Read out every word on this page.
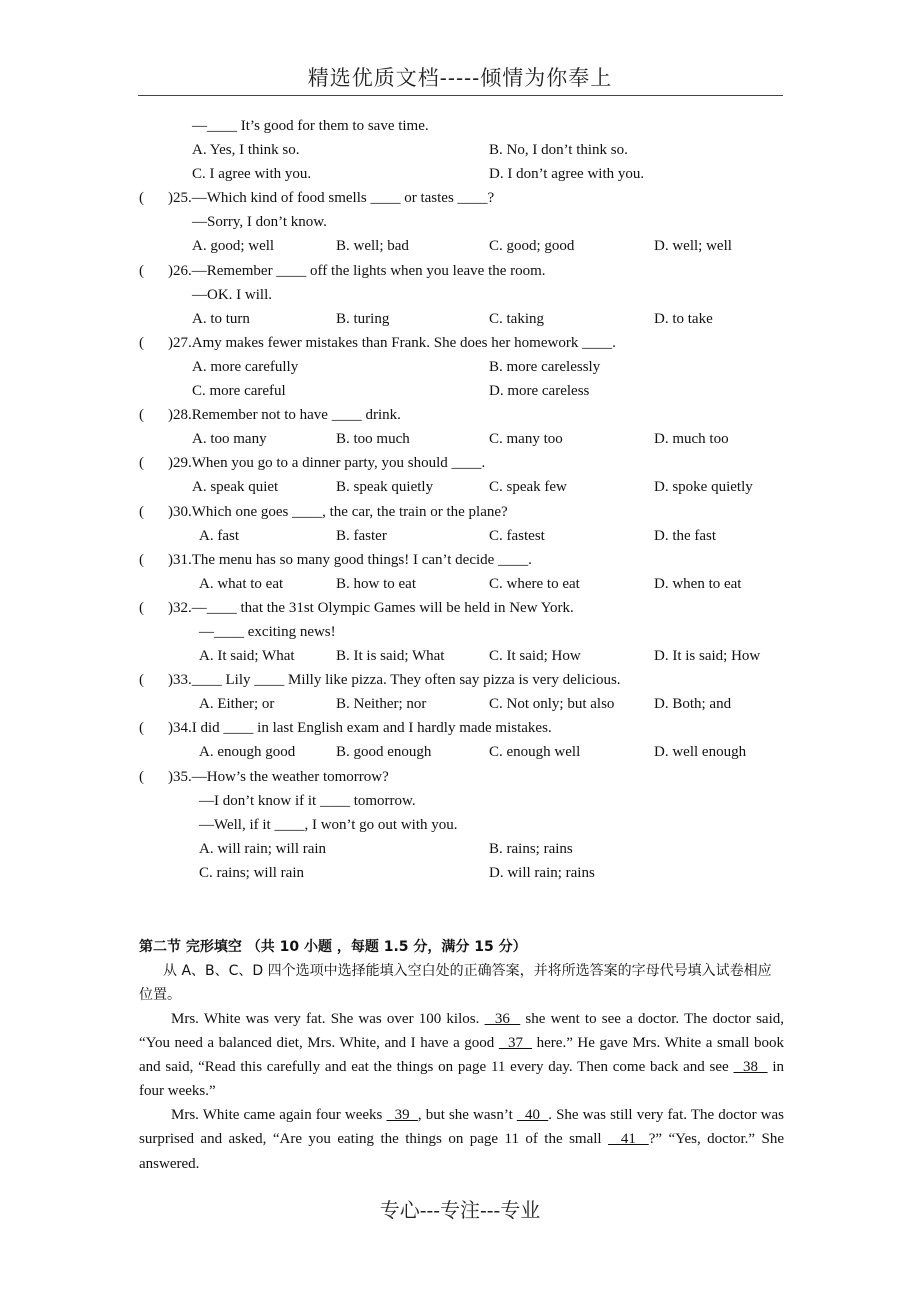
精选优质文档-----倾情为你奉上
—____ It’s good for them to save time.
A. Yes, I think so.	B. No, I don’t think so.
C. I agree with you.	D. I don’t agree with you.
( )25.—Which kind of food smells ____ or tastes ____?
—Sorry, I don’t know.
A. good; well	B. well; bad	C. good; good	D. well; well
( )26.—Remember ____ off the lights when you leave the room.
—OK. I will.
A. to turn	B. turing	C. taking	D. to take
( )27.Amy makes fewer mistakes than Frank. She does her homework ____.
A. more carefully	B. more carelessly
C. more careful	D. more careless
( )28.Remember not to have ____ drink.
A. too many	B. too much	C. many too	D. much too
( )29.When you go to a dinner party, you should ____.
A. speak quiet	B. speak quietly	C. speak few	D. spoke quietly
( )30.Which one goes ____, the car, the train or the plane?
A. fast	B. faster	C. fastest	D. the fast
( )31.The menu has so many good things! I can’t decide ____.
A. what to eat	B. how to eat	C. where to eat	D. when to eat
( )32.—____ that the 31st Olympic Games will be held in New York.
—____ exciting news!
A. It said; What	B. It is said; What	C. It said; How	D. It is said; How
( )33.____ Lily ____ Milly like pizza. They often say pizza is very delicious.
A. Either; or	B. Neither; nor	C. Not only; but also	D. Both; and
( )34.I did ____ in last English exam and I hardly made mistakes.
A. enough good	B. good enough	C. enough well	D. well enough
( )35.—How’s the weather tomorrow?
—I don’t know if it ____ tomorrow.
—Well, if it ____, I won’t go out with you.
A. will rain; will rain	B. rains; rains
C. rains; will rain	D. will rain; rains
第二节 完形填空 （共 10 小题 ，每题 1.5 分，满分 15 分）
从 A、B、C、D 四个选项中选择能填入空白处的正确答案，并将所选答案的字母代号填入试卷相应位置。
Mrs. White was very fat. She was over 100 kilos.   36   she went to see a doctor. The doctor said, “You need a balanced diet, Mrs. White, and I have a good   37   here.” He gave Mrs. White a small book and said, “Read this carefully and eat the things on page 11 every day. Then come back and see   38   in four weeks.”
Mrs. White came again four weeks   39  , but she wasn’t   40  . She was still very fat. The doctor was surprised and asked, “Are you eating the things on page 11 of the small   41  ?” “Yes, doctor.” She answered.
专心---专注---专业
